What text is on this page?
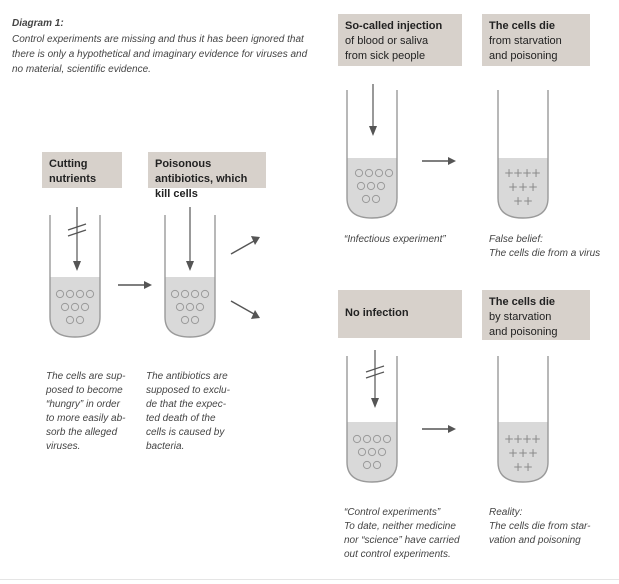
Diagram 1:
Control experiments are missing and thus it has been ignored that there is only a hypothetical and imaginary evidence for viruses and no material, scientific evidence.
Cutting nutrients
Poisonous antibiotics, which kill cells
The cells are sup-
posed to become
“hungry” in order
to more easily ab-
sorb the alleged
viruses.
The antibiotics are
supposed to exclu-
de that the expec-
ted death of the
cells is caused by
bacteria.
So-called injection
of blood or saliva
from sick people
The cells die
from starvation
and poisoning
+
+
+
+
+ + +
+ +
“Infectious experiment”	False belief:
The cells die from a virus
No infection
The cells die
by starvation
and poisoning
+
+
+
+
+ + +
+ +
“Control experiments”
To date, neither medicine
nor “science” have carried
out control experiments.
Reality:
The cells die from star-
vation and poisoning
